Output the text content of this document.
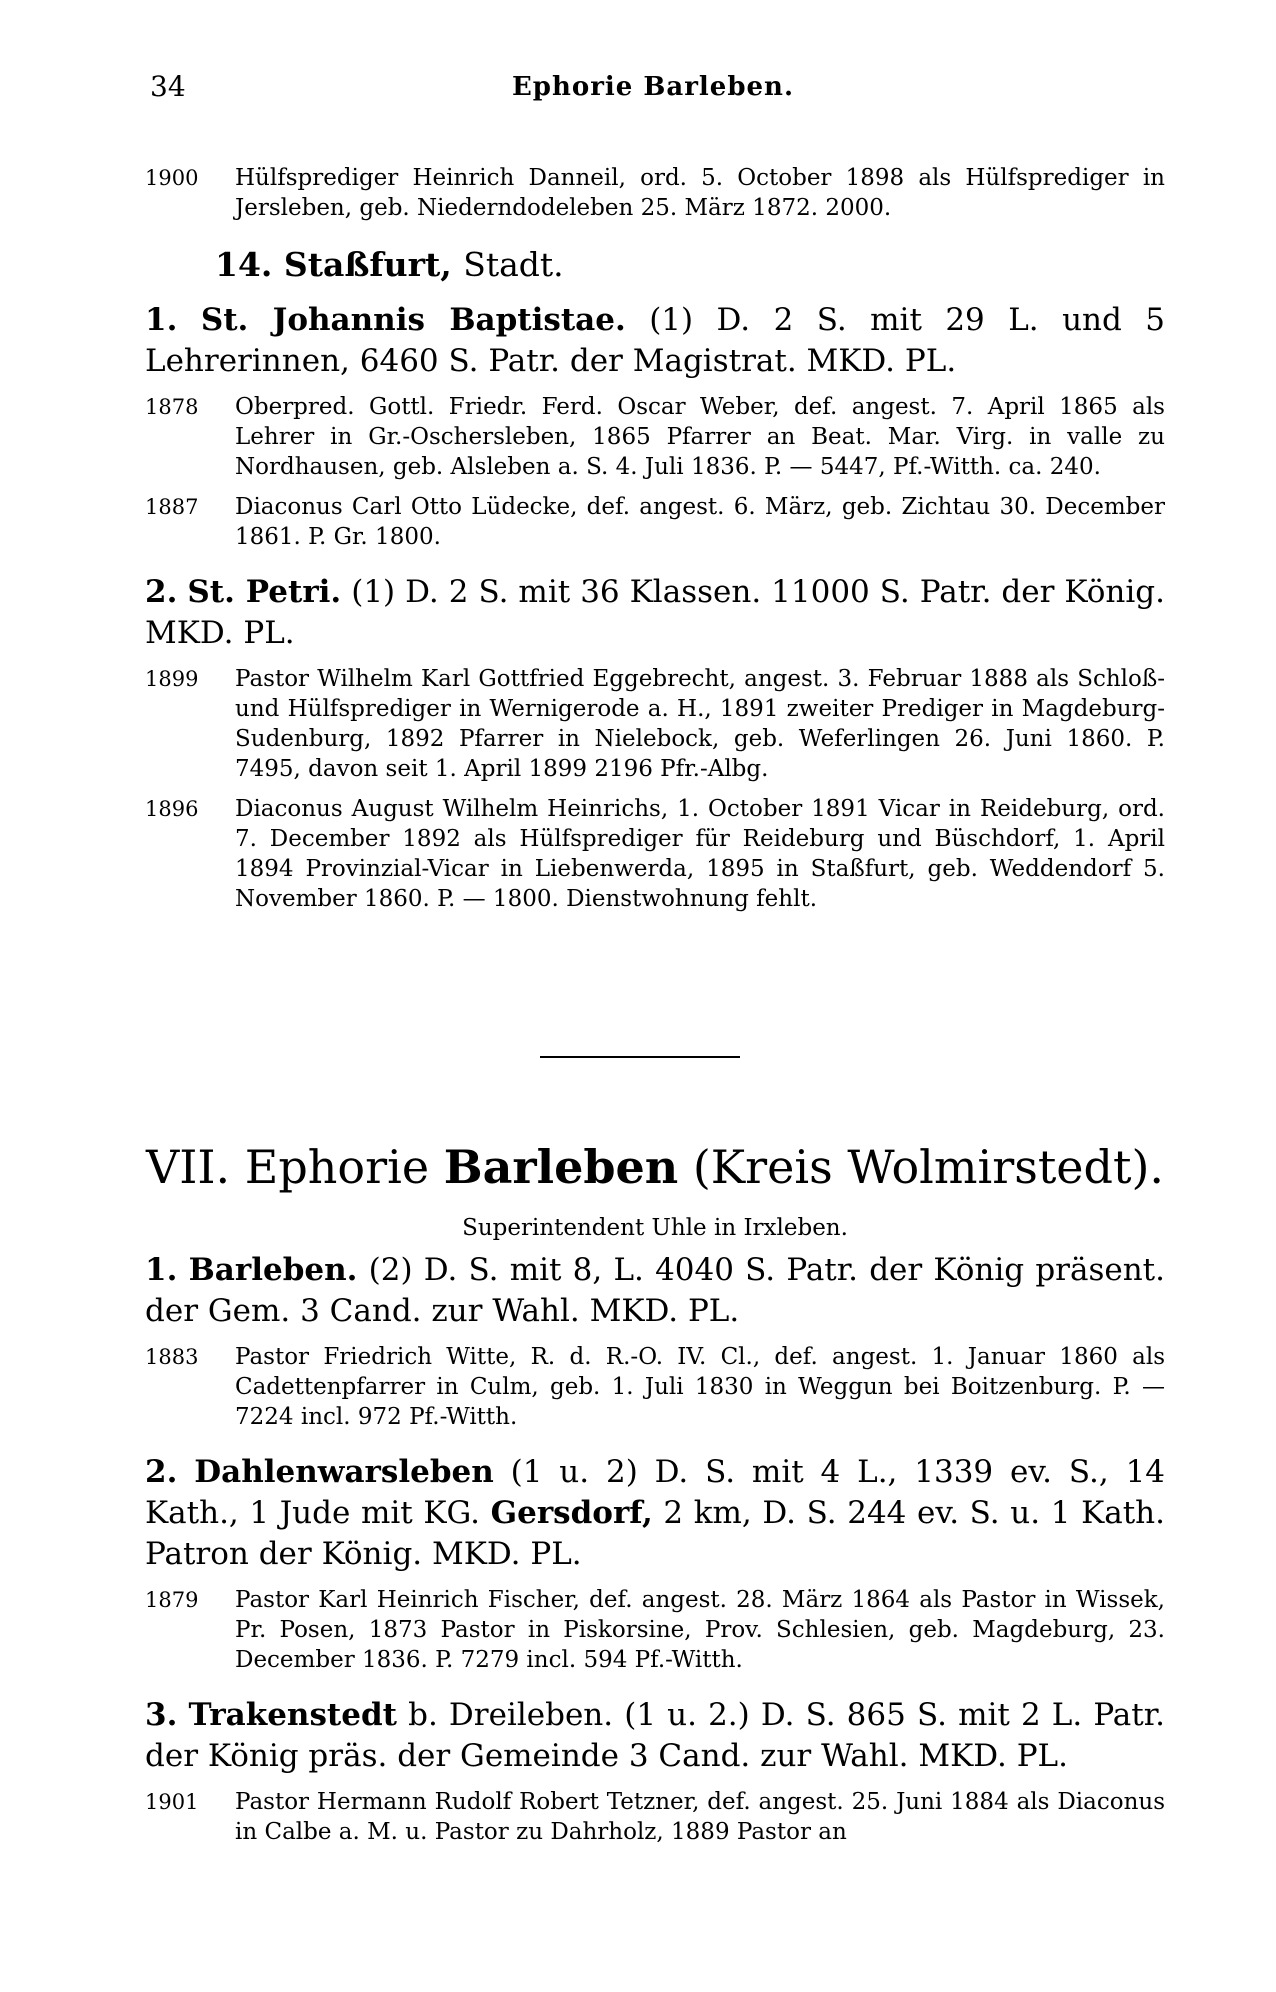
34	Ephorie Barleben.
1900	Hülfsprediger Heinrich Danneil, ord. 5. October 1898 als Hülfsprediger in Jersleben, geb. Niederndodeleben 25. März 1872. 2000.
14. Staßfurt, Stadt.
1. St. Johannis Baptistae. (1) D. 2 S. mit 29 L. und 5 Lehrerinnen, 6460 S. Patr. der Magistrat. MKD. PL.
1878	Oberpred. Gottl. Friedr. Ferd. Oscar Weber, def. angest. 7. April 1865 als Lehrer in Gr.-Oschersleben, 1865 Pfarrer an Beat. Mar. Virg. in valle zu Nordhausen, geb. Alsleben a. S. 4. Juli 1836. P. — 5447, Pf.-Witth. ca. 240.
1887	Diaconus Carl Otto Lüdecke, def. angest. 6. März, geb. Zichtau 30. December 1861. P. Gr. 1800.
2. St. Petri. (1) D. 2 S. mit 36 Klassen. 11000 S. Patr. der König. MKD. PL.
1899	Pastor Wilhelm Karl Gottfried Eggebrecht, angest. 3. Februar 1888 als Schloß- und Hülfsprediger in Wernigerode a. H., 1891 zweiter Prediger in Magdeburg-Sudenburg, 1892 Pfarrer in Nielebock, geb. Weferlingen 26. Juni 1860. P. 7495, davon seit 1. April 1899 2196 Pfr.-Albg.
1896	Diaconus August Wilhelm Heinrichs, 1. October 1891 Vicar in Reideburg, ord. 7. December 1892 als Hülfsprediger für Reideburg und Büschdorf, 1. April 1894 Provinzial-Vicar in Liebenwerda, 1895 in Staßfurt, geb. Weddendorf 5. November 1860. P. — 1800. Dienstwohnung fehlt.
VII. Ephorie Barleben (Kreis Wolmirstedt).
Superintendent Uhle in Irxleben.
1. Barleben. (2) D. S. mit 8, L. 4040 S. Patr. der König präsent. der Gem. 3 Cand. zur Wahl. MKD. PL.
1883	Pastor Friedrich Witte, R. d. R.-O. IV. Cl., def. angest. 1. Januar 1860 als Cadettenpfarrer in Culm, geb. 1. Juli 1830 in Weggun bei Boitzenburg. P. — 7224 incl. 972 Pf.-Witth.
2. Dahlenwarsleben (1 u. 2) D. S. mit 4 L., 1339 ev. S., 14 Kath., 1 Jude mit KG. Gersdorf, 2 km, D. S. 244 ev. S. u. 1 Kath. Patron der König. MKD. PL.
1879	Pastor Karl Heinrich Fischer, def. angest. 28. März 1864 als Pastor in Wissek, Pr. Posen, 1873 Pastor in Piskorsine, Prov. Schlesien, geb. Magdeburg, 23. December 1836. P. 7279 incl. 594 Pf.-Witth.
3. Trakenstedt b. Dreileben. (1 u. 2.) D. S. 865 S. mit 2 L. Patr. der König präs. der Gemeinde 3 Cand. zur Wahl. MKD. PL.
1901	Pastor Hermann Rudolf Robert Tetzner, def. angest. 25. Juni 1884 als Diaconus in Calbe a. M. u. Pastor zu Dahrholz, 1889 Pastor an
